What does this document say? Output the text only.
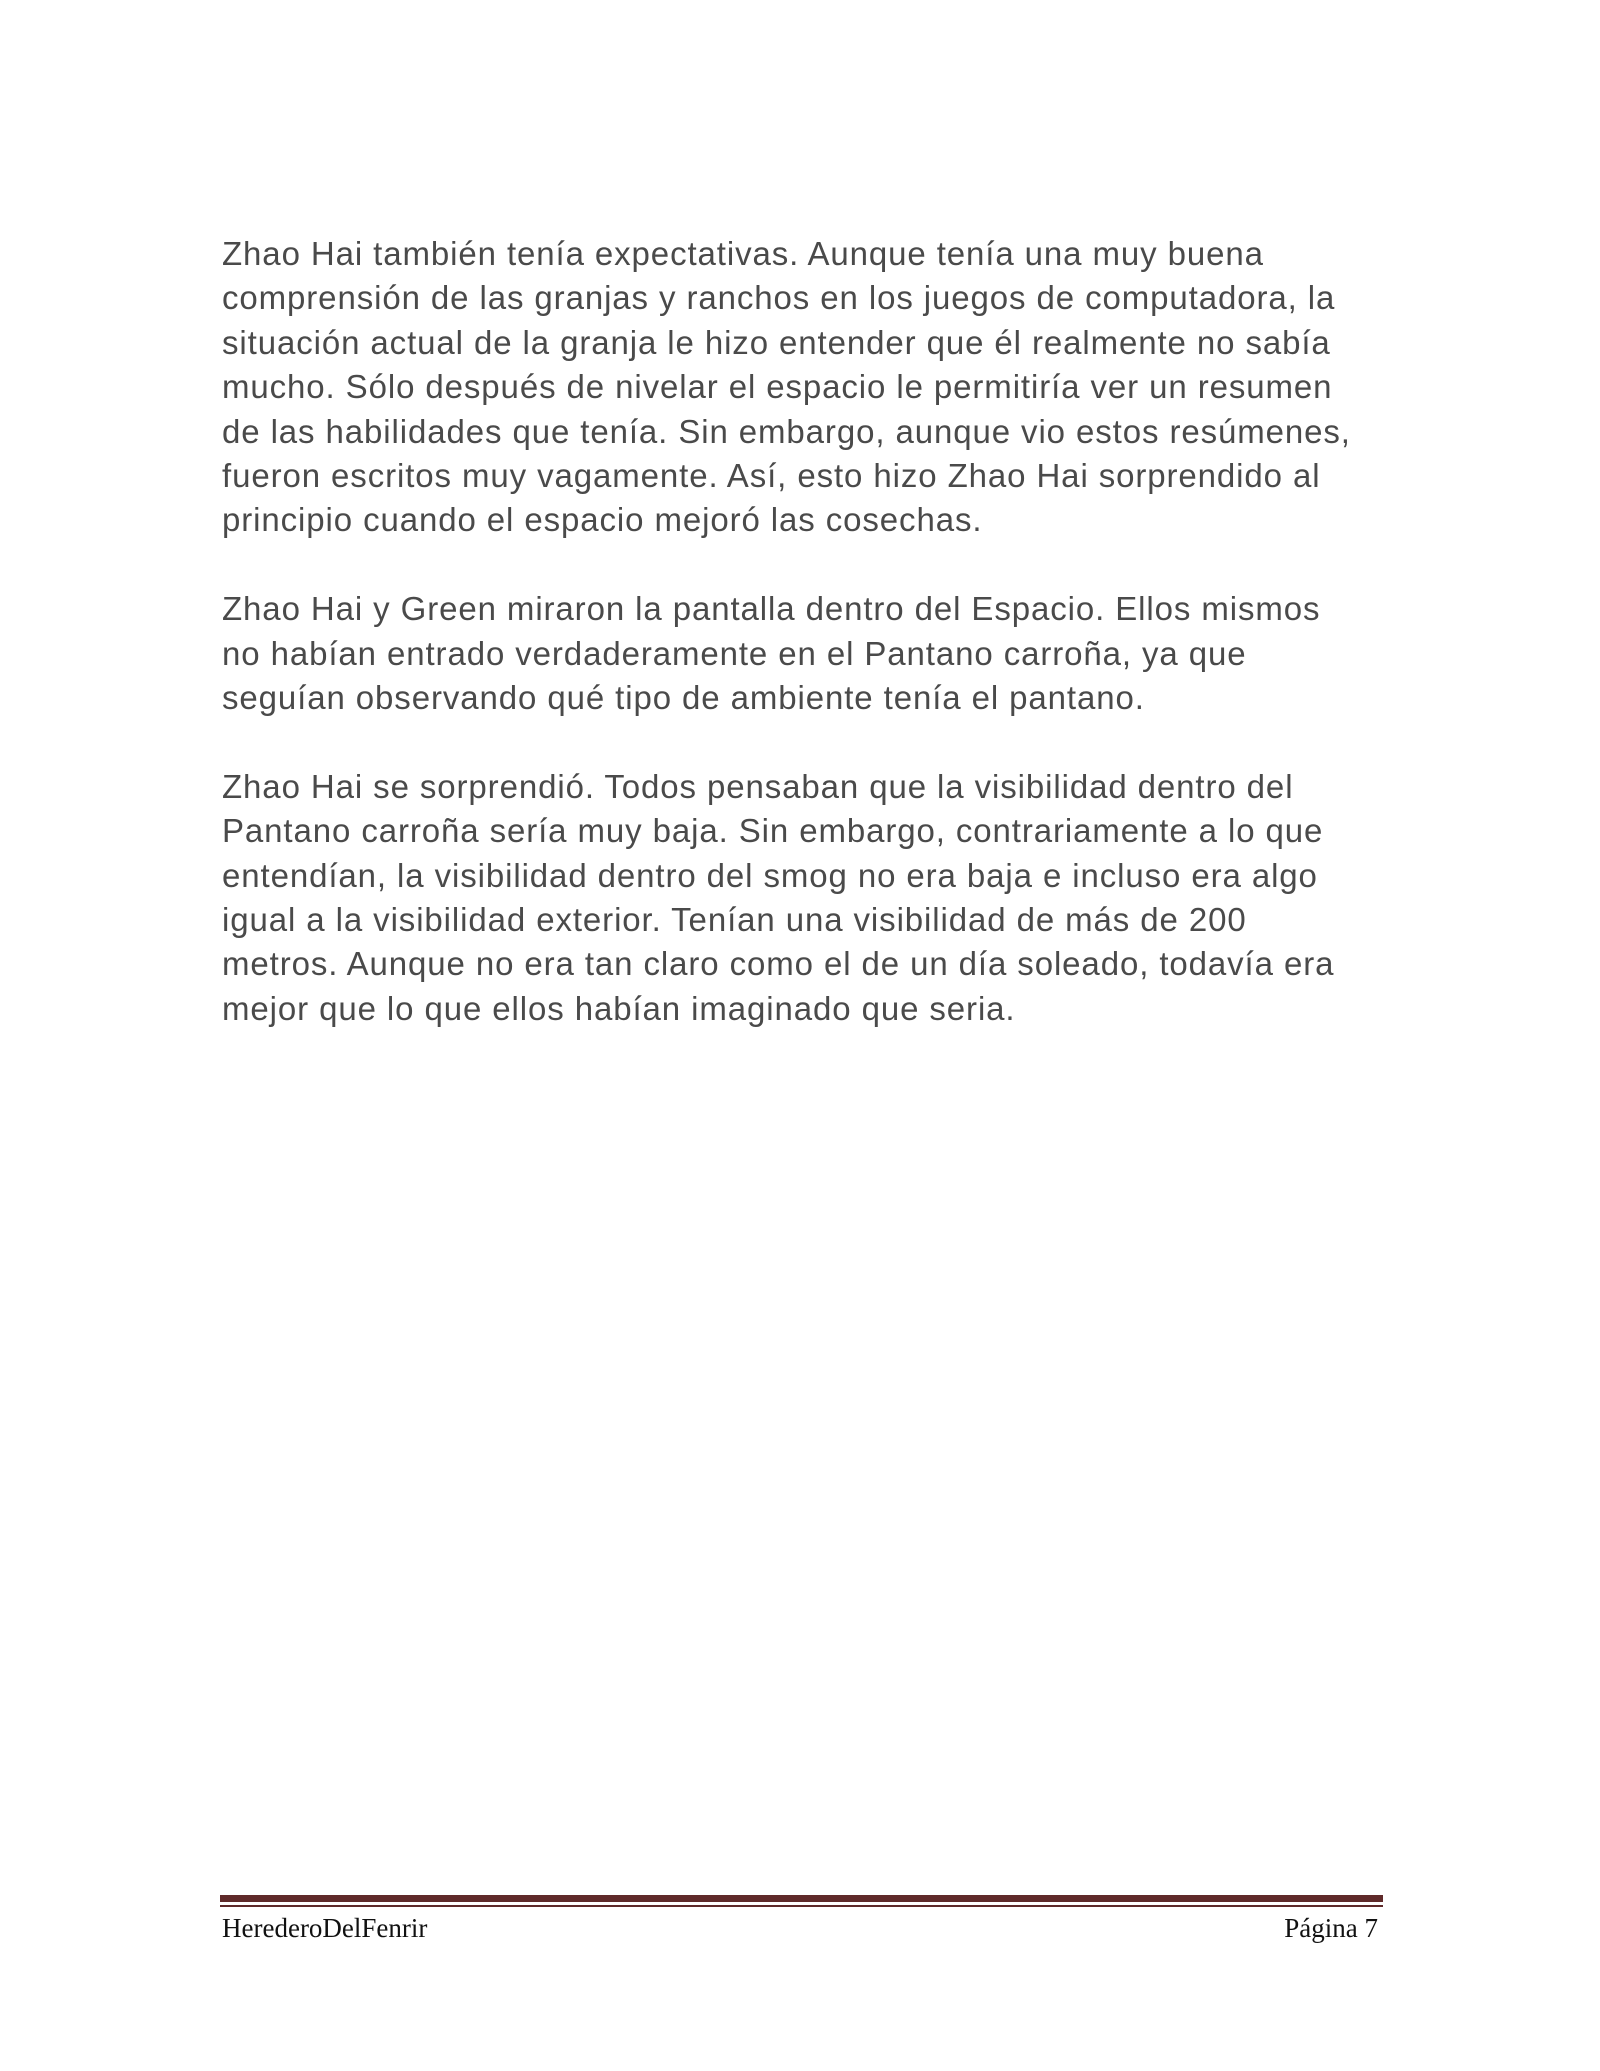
Zhao Hai también tenía expectativas. Aunque tenía una muy buena
comprensión de las granjas y ranchos en los juegos de computadora, la
situación actual de la granja le hizo entender que él realmente no sabía
mucho. Sólo después de nivelar el espacio le permitiría ver un resumen
de las habilidades que tenía. Sin embargo, aunque vio estos resúmenes,
fueron escritos muy vagamente. Así, esto hizo Zhao Hai sorprendido al
principio cuando el espacio mejoró las cosechas.
Zhao Hai y Green miraron la pantalla dentro del Espacio. Ellos mismos
no habían entrado verdaderamente en el Pantano carroña, ya que
seguían observando qué tipo de ambiente tenía el pantano.
Zhao Hai se sorprendió. Todos pensaban que la visibilidad dentro del
Pantano carroña sería muy baja. Sin embargo, contrariamente a lo que
entendían, la visibilidad dentro del smog no era baja e incluso era algo
igual a la visibilidad exterior. Tenían una visibilidad de más de 200
metros. Aunque no era tan claro como el de un día soleado, todavía era
mejor que lo que ellos habían imaginado que seria.
HerederoDelFenrir	Página 7
